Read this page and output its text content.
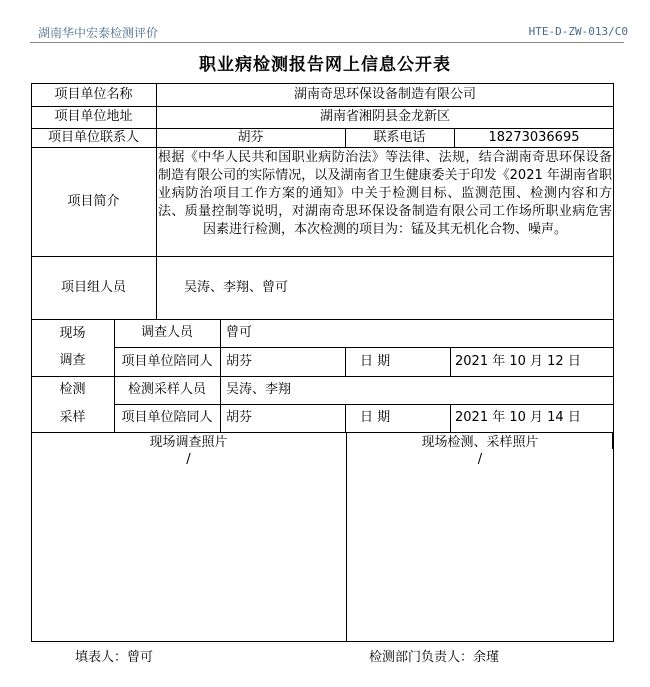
湖南华中宏泰检测评价	HTE-D-ZW-013/C0
职业病检测报告网上信息公开表
项目单位名称	湖南奇思环保设备制造有限公司
项目单位地址	湖南省湘阴县金龙新区
项目单位联系人	胡芬	联系电话	18273036695
项目简介
根据《中华人民共和国职业病防治法》等法律、法规，结合湖南奇思环保设备制造有限公司的实际情况，以及湖南省卫生健康委关于印发《2021 年湖南省职业病防治项目工作方案的通知》中关于检测目标、监测范围、检测内容和方法、质量控制等说明，对湖南奇思环保设备制造有限公司工作场所职业病危害因素进行检测，本次检测的项目为：锰及其无机化合物、噪声。
项目组人员	吴涛、李翔、曾可
现场
调查
调查人员	曾可
项目单位陪同人	胡芬	日 期	2021 年 10 月 12 日
检测
采样
检测采样人员	吴涛、李翔
项目单位陪同人	胡芬	日 期	2021 年 10 月 14 日
现场调查照片
/
现场检测、采样照片
/
填表人：曾可	检测部门负责人：余瑾
